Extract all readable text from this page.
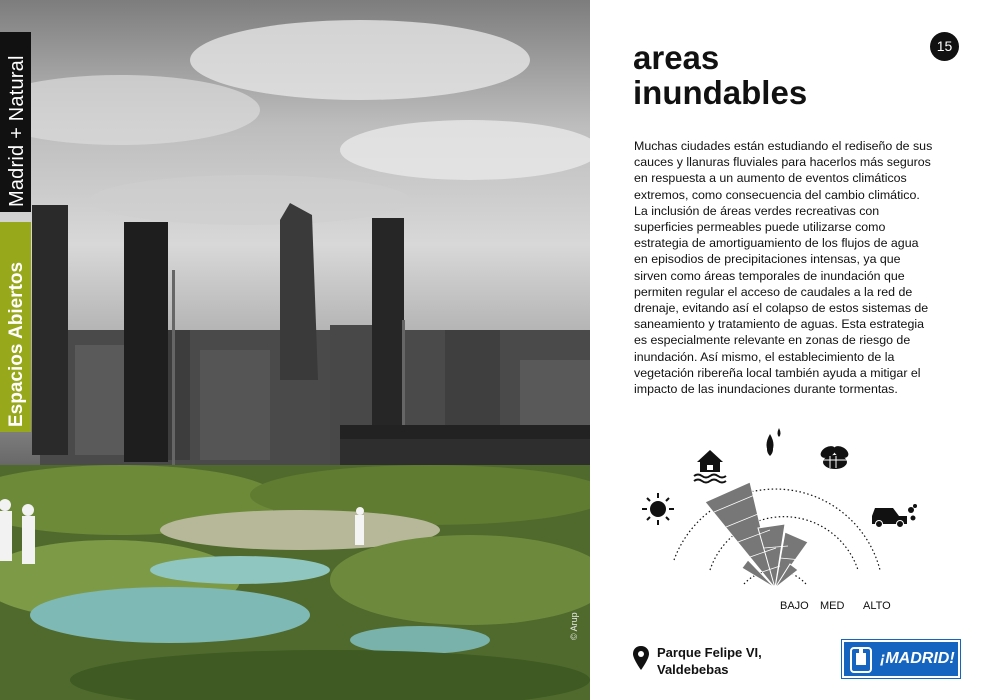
© Arup
Madrid + Natural
Espacios Abiertos
15
areas
inundables
Muchas ciudades están estudiando el rediseño de sus cauces y llanuras fluviales para hacerlos más seguros en respuesta a un aumento de eventos climáticos extremos, como consecuencia del cambio climático. La inclusión de áreas verdes recreativas con superficies permeables puede utilizarse como estrategia de amortiguamiento de los flujos de agua en episodios de precipitaciones intensas, ya que sirven como áreas temporales de inundación que permiten regular el acceso de caudales a la red de drenaje, evitando así el colapso de estos sistemas de saneamiento y tratamiento de aguas. Esta estrategia es especialmente relevante en zonas de riesgo de inundación. Así mismo, el establecimiento de la vegetación ribereña local también ayuda a mitigar el impacto de las inundaciones durante tormentas.
BAJO MED ALTO
Parque Felipe VI,
Valdebebas
¡MADRID!
